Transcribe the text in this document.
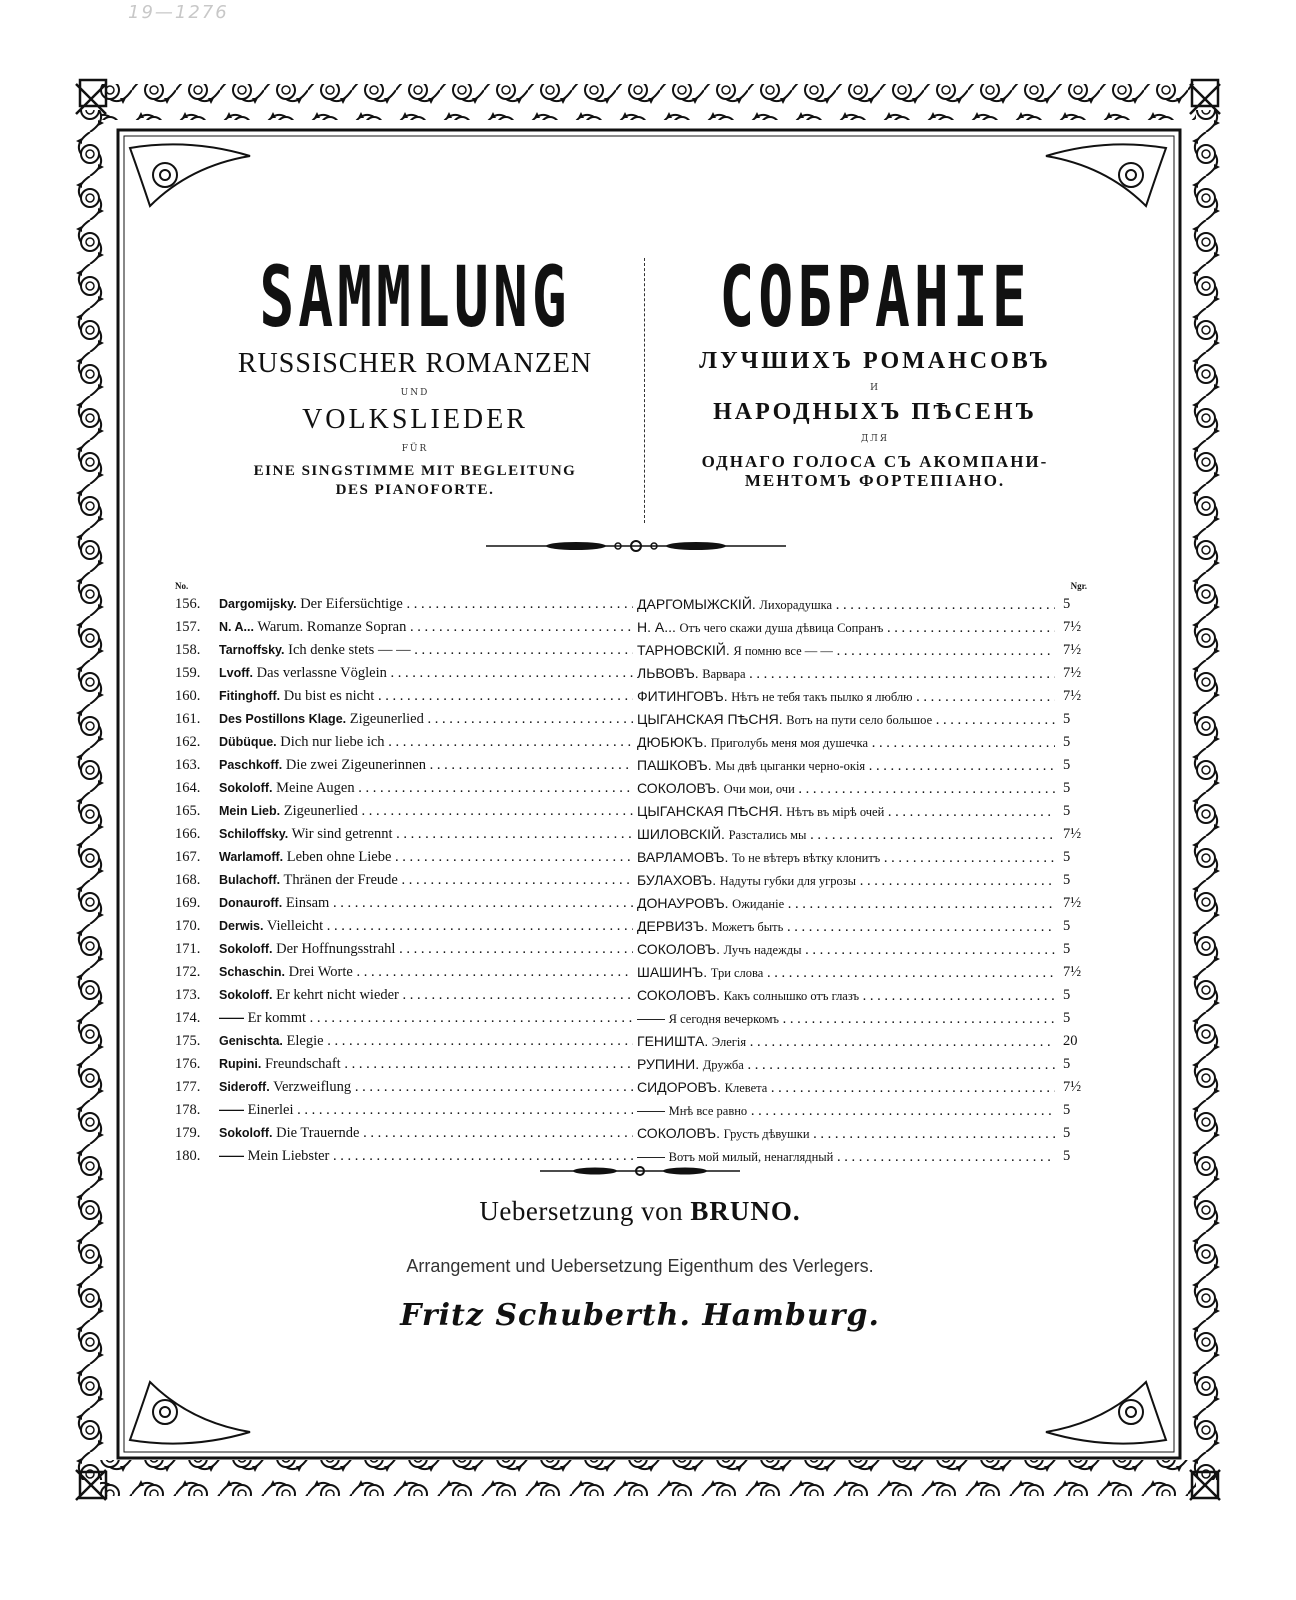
19—1276
SAMMLUNG
RUSSISCHER ROMANZEN
UND
VOLKSLIEDER
FÜR
EINE SINGSTIMME MIT BEGLEITUNG
DES PIANOFORTE.
СОБРАНІЕ
ЛУЧШИХЪ РОМАНСОВЪ
И
НАРОДНЫХЪ ПѢСЕНЪ
ДЛЯ
ОДНАГО ГОЛОСА СЪ АКОМПАНИ-
МЕНТОМЪ ФОРТЕПІАНО.
No.	Ngr.
156.	Dargomijsky. Der Eifersüchtige . . .	ДАРГОМЫЖСКІЙ. Лихорадушка . . .	5
157.	N. A... Warum. Romanze Sopran . . .	Н. А... Отъ чего скажи душа дѣвица Сопранъ . . .	7½
158.	Tarnoffsky. Ich denke stets — — . . .	ТАРНОВСКІЙ. Я помню все — — . . .	7½
159.	Lvoff. Das verlassne Vöglein . . .	ЛЬВОВЪ. Варвара . . .	7½
160.	Fitinghoff. Du bist es nicht . . .	ФИТИНГОВЪ. Нѣтъ не тебя такъ пылко я люблю . . .	7½
161.	Des Postillons Klage. Zigeunerlied . . .	ЦЫГАНСКАЯ ПѢСНЯ. Вотъ на пути село большое . . .	5
162.	Dübüque. Dich nur liebe ich . . .	ДЮБЮКЪ. Приголубь меня моя душечка . . .	5
163.	Paschkoff. Die zwei Zigeunerinnen . . .	ПАШКОВЪ. Мы двѣ цыганки черно-окія . . .	5
164.	Sokoloff. Meine Augen . . .	СОКОЛОВЪ. Очи мои, очи . . .	5
165.	Mein Lieb. Zigeunerlied . . .	ЦЫГАНСКАЯ ПѢСНЯ. Нѣтъ въ мірѣ очей . . .	5
166.	Schiloffsky. Wir sind getrennt . . .	ШИЛОВСКІЙ. Разстались мы . . .	7½
167.	Warlamoff. Leben ohne Liebe . . .	ВАРЛАМОВЪ. То не вѣтеръ вѣтку клонитъ . . .	5
168.	Bulachoff. Thränen der Freude . . .	БУЛАХОВЪ. Надуты губки для угрозы . . .	5
169.	Donauroff. Einsam . . .	ДОНАУРОВЪ. Ожиданіе . . .	7½
170.	Derwis. Vielleicht . . .	ДЕРВИЗЪ. Можетъ быть . . .	5
171.	Sokoloff. Der Hoffnungsstrahl . . .	СОКОЛОВЪ. Лучъ надежды . . .	5
172.	Schaschin. Drei Worte . . .	ШАШИНЪ. Три слова . . .	7½
173.	Sokoloff. Er kehrt nicht wieder . . .	СОКОЛОВЪ. Какъ солнышко отъ глазъ . . .	5
174.	—— Er kommt . . .	—— Я сегодня вечеркомъ . . .	5
175.	Genischta. Elegie . . .	ГЕНИШТА. Элегія . . .	20
176.	Rupini. Freundschaft . . .	РУПИНИ. Дружба . . .	5
177.	Sideroff. Verzweiflung . . .	СИДОРОВЪ. Клевета . . .	7½
178.	—— Einerlei . . .	—— Мнѣ все равно . . .	5
179.	Sokoloff. Die Trauernde . . .	СОКОЛОВЪ. Грусть дѣвушки . . .	5
180.	—— Mein Liebster . . .	—— Вотъ мой милый, ненаглядный . . .	5
Uebersetzung von BRUNO.
Arrangement und Uebersetzung Eigenthum des Verlegers.
Fritz Schuberth. Hamburg.
